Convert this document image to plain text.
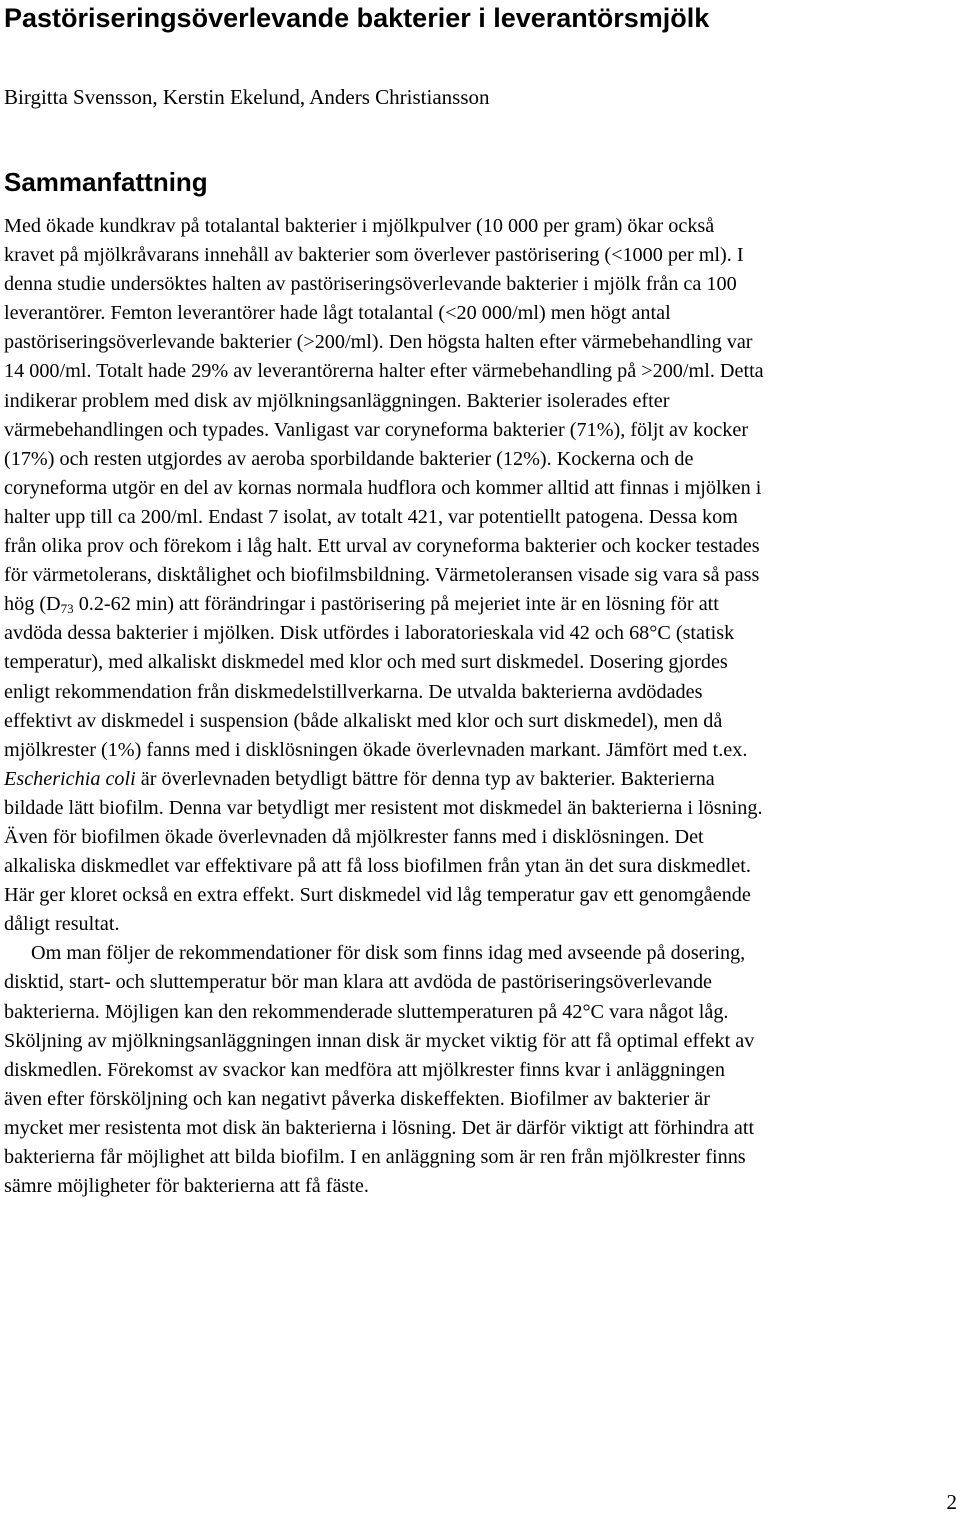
Pastöriseringsöverlevande bakterier i leverantörsmjölk

Birgitta Svensson, Kerstin Ekelund, Anders Christiansson

Sammanfattning
Med ökade kundkrav på totalantal bakterier i mjölkpulver (10 000 per gram) ökar också
kravet på mjölkråvarans innehåll av bakterier som överlever pastörisering (<1000 per ml). I
denna studie undersöktes halten av pastöriseringsöverlevande bakterier i mjölk från ca 100
leverantörer. Femton leverantörer hade lågt totalantal (<20 000/ml) men högt antal
pastöriseringsöverlevande bakterier (>200/ml). Den högsta halten efter värmebehandling var
14 000/ml. Totalt hade 29% av leverantörerna halter efter värmebehandling på >200/ml. Detta
indikerar problem med disk av mjölkningsanläggningen. Bakterier isolerades efter
värmebehandlingen och typades. Vanligast var coryneforma bakterier (71%), följt av kocker
(17%) och resten utgjordes av aeroba sporbildande bakterier (12%). Kockerna och de
coryneforma utgör en del av kornas normala hudflora och kommer alltid att finnas i mjölken i
halter upp till ca 200/ml. Endast 7 isolat, av totalt 421, var potentiellt patogena. Dessa kom
från olika prov och förekom i låg halt. Ett urval av coryneforma bakterier och kocker testades
för värmetolerans, disktålighet och biofilmsbildning. Värmetoleransen visade sig vara så pass
hög ($D_{73}$ 0.2-62 min) att förändringar i pastörisering på mejeriet inte är en lösning för att
avdöda dessa bakterier i mjölken. Disk utfördes i laboratorieskala vid 42 och 68°C (statisk
temperatur), med alkaliskt diskmedel med klor och med surt diskmedel. Dosering gjordes
enligt rekommendation från diskmedelstillverkarna. De utvalda bakterierna avdödades
effektivt av diskmedel i suspension (både alkaliskt med klor och surt diskmedel), men då
mjölkrester (1%) fanns med i disklösningen ökade överlevnaden markant. Jämfört med t.ex.
Escherichia coli är överlevnaden betydligt bättre för denna typ av bakterier. Bakterierna
bildade lätt biofilm. Denna var betydligt mer resistent mot diskmedel än bakterierna i lösning.
Även för biofilmen ökade överlevnaden då mjölkrester fanns med i disklösningen. Det
alkaliska diskmedlet var effektivare på att få loss biofilmen från ytan än det sura diskmedlet.
Här ger kloret också en extra effekt. Surt diskmedel vid låg temperatur gav ett genomgående
dåligt resultat.
Om man följer de rekommendationer för disk som finns idag med avseende på dosering,
disktid, start- och sluttemperatur bör man klara att avdöda de pastöriseringsöverlevande
bakterierna. Möjligen kan den rekommenderade sluttemperaturen på 42°C vara något låg.
Sköljning av mjölkningsanläggningen innan disk är mycket viktig för att få optimal effekt av
diskmedlen. Förekomst av svackor kan medföra att mjölkrester finns kvar i anläggningen
även efter försköljning och kan negativt påverka diskeffekten. Biofilmer av bakterier är
mycket mer resistenta mot disk än bakterierna i lösning. Det är därför viktigt att förhindra att
bakterierna får möjlighet att bilda biofilm. I en anläggning som är ren från mjölkrester finns
sämre möjligheter för bakterierna att få fäste.
2
